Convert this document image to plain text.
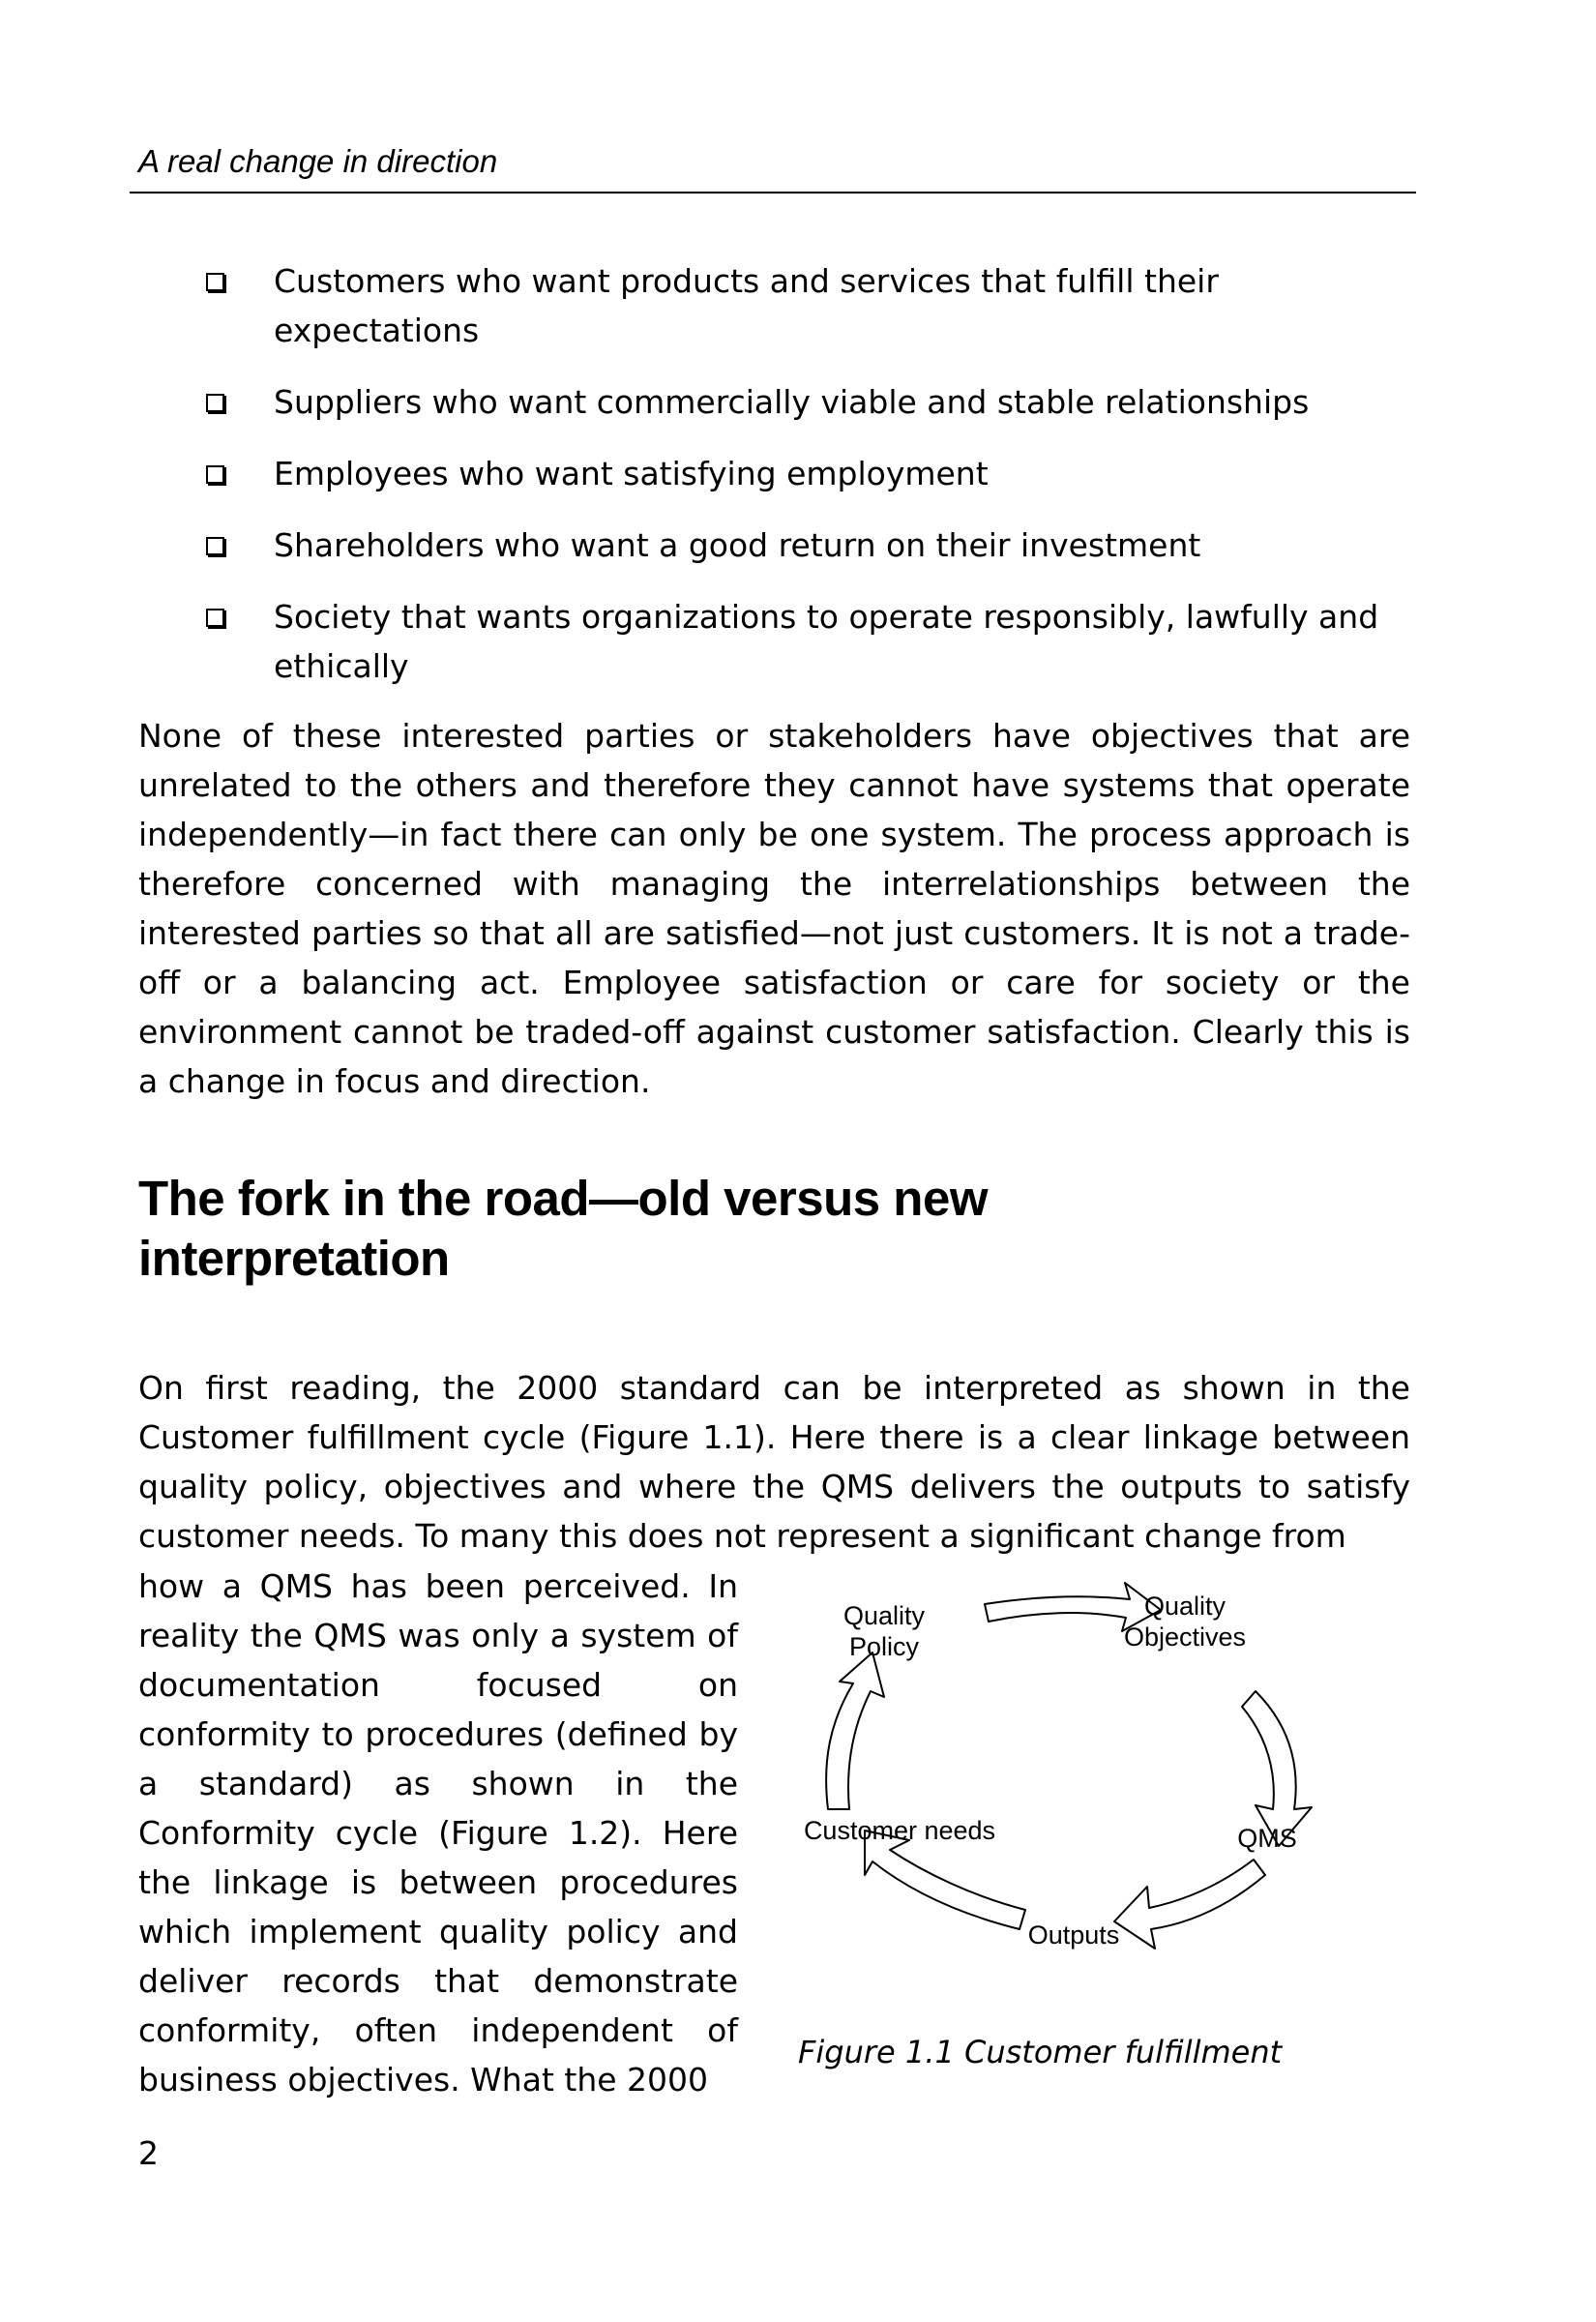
A real change in direction
Customers who want products and services that fulfill their expectations
Suppliers who want commercially viable and stable relationships
Employees who want satisfying employment
Shareholders who want a good return on their investment
Society that wants organizations to operate responsibly, lawfully and ethically

None of these interested parties or stakeholders have objectives that are unrelated to the others and therefore they cannot have systems that operate independently—in fact there can only be one system. The process approach is therefore concerned with managing the interrelationships between the interested parties so that all are satisfied—not just customers. It is not a trade-off or a balancing act. Employee satisfaction or care for society or the environment cannot be traded-off against customer satisfaction. Clearly this is a change in focus and direction.

The fork in the road—old versus new interpretation

On first reading, the 2000 standard can be interpreted as shown in the Customer fulfillment cycle (Figure 1.1). Here there is a clear linkage between quality policy, objectives and where the QMS delivers the outputs to satisfy customer needs. To many this does not represent a significant change from

how a QMS has been perceived. In reality the QMS was only a system of documentation focused on conformity to procedures (defined by a standard) as shown in the Conformity cycle (Figure 1.2). Here the linkage is between procedures which implement quality policy and deliver records that demonstrate conformity, often independent of business objectives. What the 2000

Quality
Policy
Quality
Objectives
Customer needs	QMS
Outputs
Figure 1.1 Customer fulfillment
2
